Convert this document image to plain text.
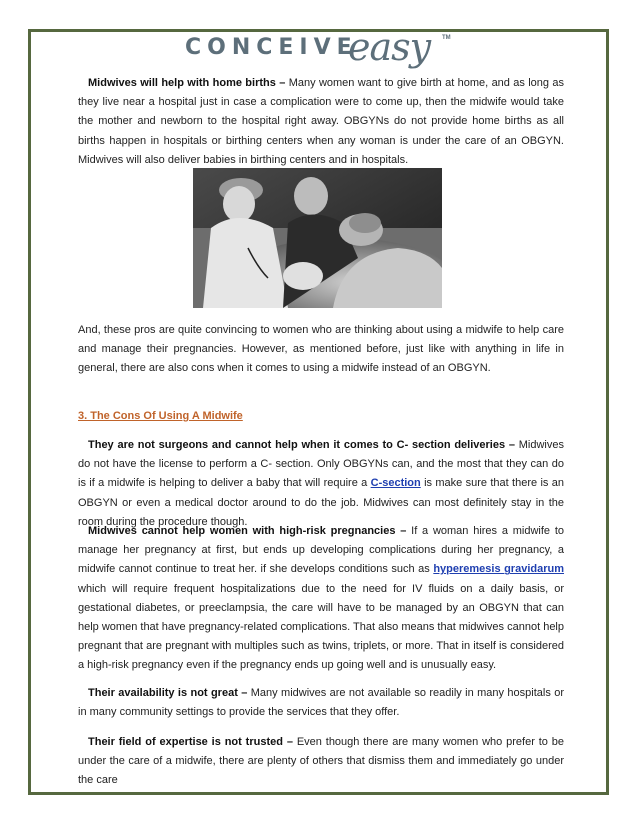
CONCEIVE
easy TM

Midwives will help with home births – Many women want to give birth at home, and as long as they live near a hospital just in case a complication were to come up, then the midwife would take the mother and newborn to the hospital right away. OBGYNs do not provide home births as all births happen in hospitals or birthing centers when any woman is under the care of an OBGYN. Midwives will also deliver babies in birthing centers and in hospitals.

And, these pros are quite convincing to women who are thinking about using a midwife to help care and manage their pregnancies. However, as mentioned before, just like with anything in life in general, there are also cons when it comes to using a midwife instead of an OBGYN.

3. The Cons Of Using A Midwife

They are not surgeons and cannot help when it comes to C- section deliveries – Midwives do not have the license to perform a C- section. Only OBGYNs can, and the most that they can do is if a midwife is helping to deliver a baby that will require a C-section is make sure that there is an OBGYN or even a medical doctor around to do the job. Midwives can most definitely stay in the room during the procedure though.

Midwives cannot help women with high-risk pregnancies – If a woman hires a midwife to manage her pregnancy at first, but ends up developing complications during her pregnancy, a midwife cannot continue to treat her. if she develops conditions such as hyperemesis gravidarum which will require frequent hospitalizations due to the need for IV fluids on a daily basis, or gestational diabetes, or preeclampsia, the care will have to be managed by an OBGYN that can help women that have pregnancy-related complications. That also means that midwives cannot help pregnant that are pregnant with multiples such as twins, triplets, or more. That in itself is considered a high-risk pregnancy even if the pregnancy ends up going well and is unusually easy.

Their availability is not great – Many midwives are not available so readily in many hospitals or in many community settings to provide the services that they offer.

Their field of expertise is not trusted – Even though there are many women who prefer to be under the care of a midwife, there are plenty of others that dismiss them and immediately go under the care
